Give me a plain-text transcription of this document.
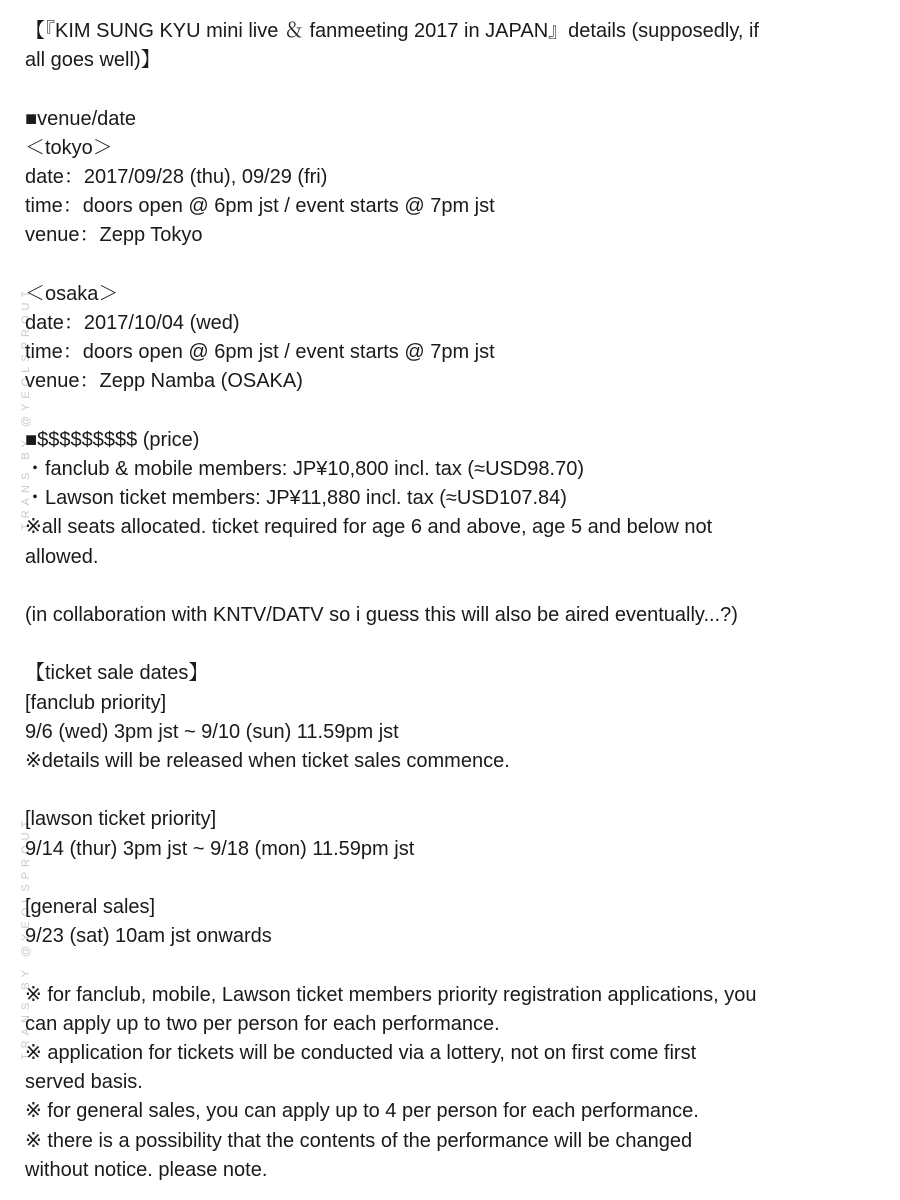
TRANS BY @YEOLSPROUT
TRANS BY @YEOLSPROUT
【『KIM SUNG KYU mini live ＆ fanmeeting 2017 in JAPAN』details (supposedly, if
all goes well)】
■venue/date
＜tokyo＞
date：2017/09/28 (thu), 09/29 (fri)
time：doors open @ 6pm jst / event starts @ 7pm jst
venue：Zepp Tokyo
＜osaka＞
date：2017/10/04 (wed)
time：doors open @ 6pm jst / event starts @ 7pm jst
venue：Zepp Namba (OSAKA)
■$$$$$$$$$ (price)
・fanclub & mobile members: JP¥10,800 incl. tax (≈USD98.70)
・Lawson ticket members: JP¥11,880 incl. tax (≈USD107.84)
※all seats allocated. ticket required for age 6 and above, age 5 and below not
allowed.
(in collaboration with KNTV/DATV so i guess this will also be aired eventually...?)
【ticket sale dates】
[fanclub priority]
9/6 (wed) 3pm jst ~ 9/10 (sun) 11.59pm jst
※details will be released when ticket sales commence.
[lawson ticket priority]
9/14 (thur) 3pm jst ~ 9/18 (mon) 11.59pm jst
[general sales]
9/23 (sat) 10am jst onwards
※ for fanclub, mobile, Lawson ticket members priority registration applications, you
can apply up to two per person for each performance.
※ application for tickets will be conducted via a lottery, not on first come first
served basis.
※ for general sales, you can apply up to 4 per person for each performance.
※ there is a possibility that the contents of the performance will be changed
without notice. please note.
